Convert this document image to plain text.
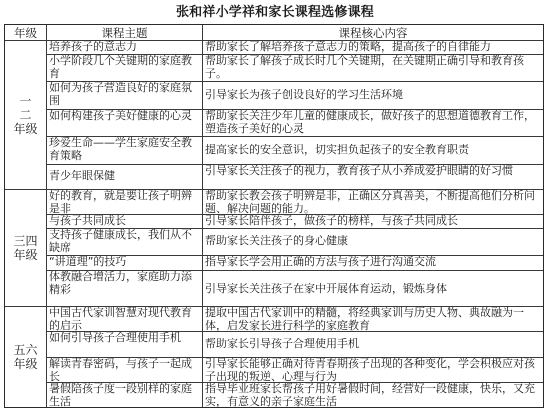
张和祥小学祥和家长课程选修课程
年级	课程主题	课程核心内容
一
二
年级
三四
年级
五六
年级
培养孩子的意志力
小学阶段几个关键期的家庭教育
如何为孩子营造良好的家庭氛围
如何构建孩子美好健康的心灵
珍爱生命——学生家庭安全教育策略
青少年眼保健
好的教育，就是要让孩子明辨是非
与孩子共同成长
支持孩子健康成长，我们从不缺席
“讲道理”的技巧
体教融合增活力，家庭助力添精彩
中国古代家训智慧对现代教育的启示
如何引导孩子合理使用手机
解读青春密码，与孩子一起成长
暑假陪孩子度一段别样的家庭生活
帮助家长了解培养孩子意志力的策略，提高孩子的自律能力
帮助家长了解孩子成长时几个关键期，在关键期正确引导和教育孩子。
引导家长为孩子创设良好的学习生活环境
帮助家长关注少年儿童的健康成长，做好孩子的思想道德教育工作，塑造孩子美好的心灵
提高家长的安全意识，切实担负起孩子的安全教育职责
引导家长关注孩子的视力，教育孩子从小养成爱护眼睛的好习惯
帮助家长教会孩子明辨是非，正确区分真善美，不断提高他们分析问题、解决问题的能力。
引导家长陪伴孩子，做孩子的榜样，与孩子共同成长
帮助家长关注孩子的身心健康
指导家长学会用正确的方法与孩子进行沟通交流
引导家长关注孩子在家中开展体育运动，锻炼身体
提取中国古代家训中的精髓，将经典家训与历史人物、典故融为一体，启发家长进行科学的家庭教育
帮助家长引导孩子合理使用手机
引导家长能够正确对待青春期孩子出现的各种变化，学会积极应对孩子出现的叛逆、心理与行为
指导毕业班家长帮孩子用好暑假时间，经营好一段健康，快乐，又充实，有意义的亲子家庭生活
